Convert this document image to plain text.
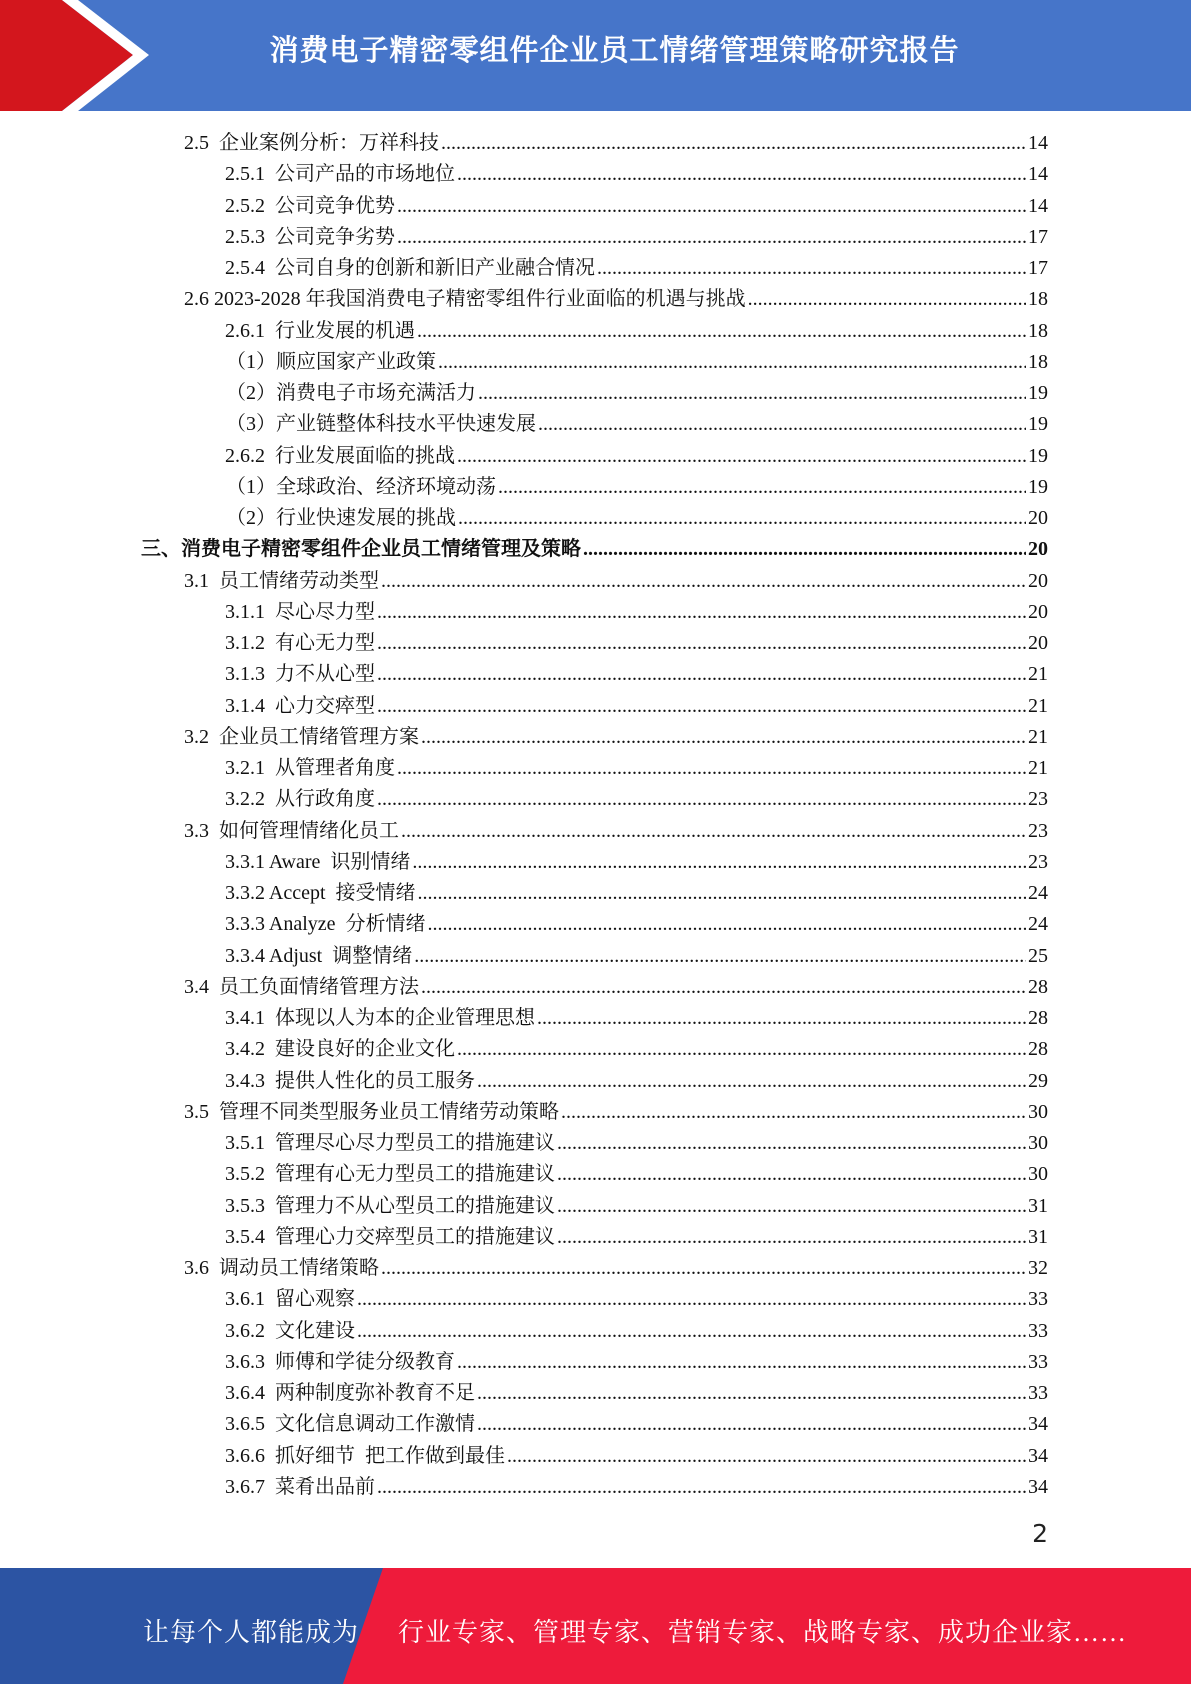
消费电子精密零组件企业员工情绪管理策略研究报告
2.5  企业案例分析：万祥科技 .....	14
2.5.1  公司产品的市场地位 .....	14
2.5.2  公司竞争优势 .....	14
2.5.3  公司竞争劣势 .....	17
2.5.4  公司自身的创新和新旧产业融合情况 .....	17
2.6 2023-2028 年我国消费电子精密零组件行业面临的机遇与挑战 .....	18
2.6.1  行业发展的机遇 .....	18
（1）顺应国家产业政策 .....	18
（2）消费电子市场充满活力 .....	19
（3）产业链整体科技水平快速发展 .....	19
2.6.2  行业发展面临的挑战 .....	19
（1）全球政治、经济环境动荡 .....	19
（2）行业快速发展的挑战 .....	20
三、消费电子精密零组件企业员工情绪管理及策略 .....	20
3.1  员工情绪劳动类型 .....	20
3.1.1  尽心尽力型 .....	20
3.1.2  有心无力型 .....	20
3.1.3  力不从心型 .....	21
3.1.4  心力交瘁型 .....	21
3.2  企业员工情绪管理方案 .....	21
3.2.1  从管理者角度 .....	21
3.2.2  从行政角度 .....	23
3.3  如何管理情绪化员工 .....	23
3.3.1 Aware  识别情绪 .....	23
3.3.2 Accept  接受情绪 .....	24
3.3.3 Analyze  分析情绪 .....	24
3.3.4 Adjust  调整情绪 .....	25
3.4  员工负面情绪管理方法 .....	28
3.4.1  体现以人为本的企业管理思想 .....	28
3.4.2  建设良好的企业文化 .....	28
3.4.3  提供人性化的员工服务 .....	29
3.5  管理不同类型服务业员工情绪劳动策略 .....	30
3.5.1  管理尽心尽力型员工的措施建议 .....	30
3.5.2  管理有心无力型员工的措施建议 .....	30
3.5.3  管理力不从心型员工的措施建议 .....	31
3.5.4  管理心力交瘁型员工的措施建议 .....	31
3.6  调动员工情绪策略 .....	32
3.6.1  留心观察 .....	33
3.6.2  文化建设 .....	33
3.6.3  师傅和学徒分级教育 .....	33
3.6.4  两种制度弥补教育不足 .....	33
3.6.5  文化信息调动工作激情 .....	34
3.6.6  抓好细节  把工作做到最佳 .....	34
3.6.7  菜肴出品前 .....	34
2
让每个人都能成为 行业专家、管理专家、营销专家、战略专家、成功企业家……
